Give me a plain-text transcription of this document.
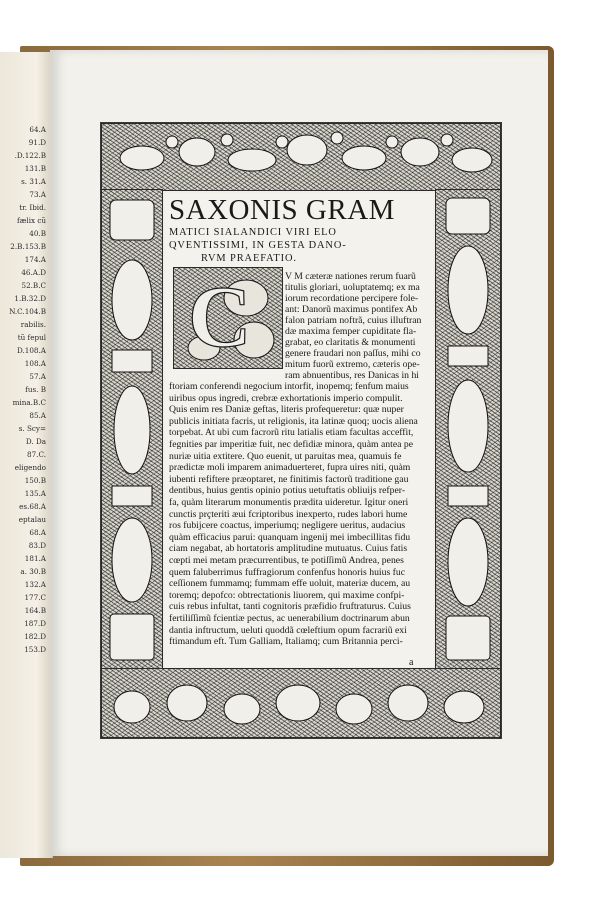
64.A
91.D
.D.122.B
131.B
s. 31.A
73.A
tr. Ibid.
fælix cũ
40.B
2.B.153.B
174.A
46.A.D
52.B.C
1.B.32.D
N.C.104.B
rabilis.
tũ fepul
D.108.A
108.A
57.A
fus. B
mina.B.C
85.A
s. Scy=
D. Da
87.C.
eligendo
150.B
135.A
es.68.A
eptalau
68.A
83.D
181.A
a. 30.B
132.A
177.C
164.B
187.D
182.D
153.D
SAXONIS GRAM
MATICI SIALANDICI VIRI ELO
QVENTISSIMI, IN GESTA DANO-
RVM PRAEFATIO.
C	V M cæteræ nationes rerum fuarũ
titulis gloriari, uoluptatemq; ex ma
iorum recordatione percipere fole-
ant: Danorũ maximus pontifex Ab
falon patriam noftrã, cuius illuftran
dæ maxima femper cupiditate fla-
grabat, eo claritatis & monumenti
genere fraudari non paſſus, mihi co
mitum fuorũ extremo, cæteris ope-
ram abnuentibus, res Danicas in hi
ftoriam conferendi negocium intorfit, inopemq; fenfum maius
uiribus opus ingredi, crebræ exhortationis imperio compulit.
Quis enim res Daniæ geftas, literis profequeretur: quæ nuper
publicis initiata facris, ut religionis, ita latinæ quoq; uocis aliena
torpebat. At ubi cum facrorũ ritu latialis etiam facultas acceffit,
fegnities par imperitiæ fuit, nec defidiæ minora, quàm antea pe
nuriæ uitia extitere. Quo euenit, ut paruitas mea, quamuis fe
prædictæ moli imparem animaduerteret, fupra uires niti, quàm
iubenti refiftere præoptaret, ne finitimis factorũ traditione gau
dentibus, huius gentis opinio potius uetuftatis obliuijs refper-
fa, quàm literarum monumentis prædita uideretur. Igitur oneri
cunctis prçteriti æui fcriptoribus inexperto, rudes labori hume
ros fubijcere coactus, imperiumq; negligere ueritus, audacius
quàm efficacius parui: quanquam ingenij mei imbecillitas fidu
ciam negabat, ab hortatoris amplitudine mutuatus. Cuius fatis
cœpti mei metam præcurrentibus, te potiſſimũ Andrea, penes
quem faluberrimus fuffragiorum confenfus honoris huius fuc
ceſſionem fummamq; fummam effe uoluit, materiæ ducem, au
toremq; depofco: obtrectationis liuorem, qui maxime confpi-
cuis rebus infultat, tanti cognitoris præfidio fruftraturus. Cuius
fertiliſſimũ fcientiæ pectus, ac uenerabilium doctrinarum abun
dantia inftructum, ueluti quoddã cœleftium opum facrariũ exi
ftimandum eft. Tum Galliam, Italiamq; cum Britannia perci-
a
